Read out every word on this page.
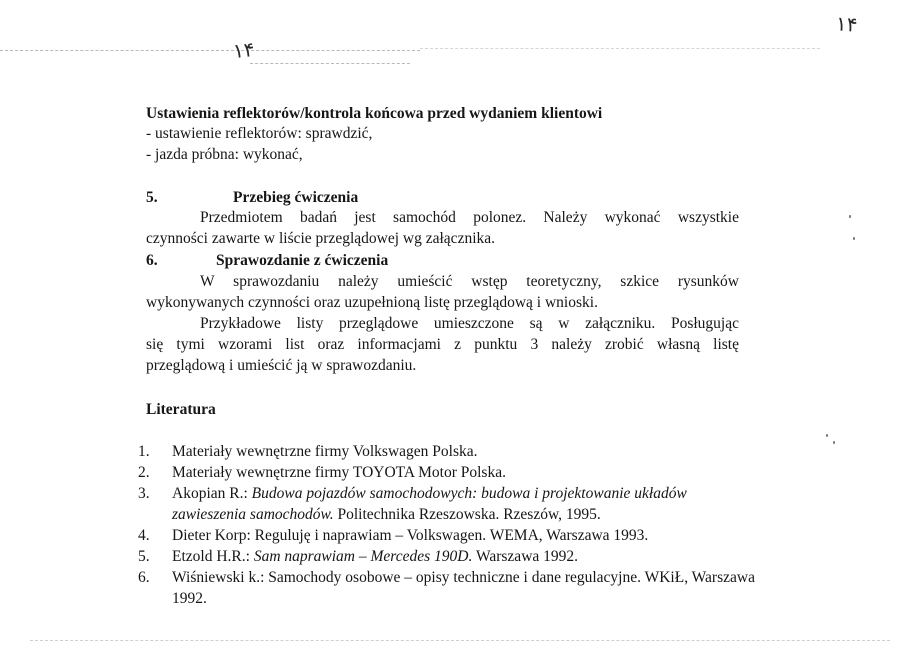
۱۴
۱۴
Ustawienia reflektorów/kontrola końcowa przed wydaniem klientowi
- ustawienie reflektorów: sprawdzić,
- jazda próbna: wykonać,
5.	Przebieg ćwiczenia
Przedmiotem badań jest samochód polonez. Należy wykonać wszystkie
czynności zawarte w liście przeglądowej wg załącznika.
6.	Sprawozdanie z ćwiczenia
W sprawozdaniu należy umieścić wstęp teoretyczny, szkice rysunków
wykonywanych czynności oraz uzupełnioną listę przeglądową i wnioski.
Przykładowe listy przeglądowe umieszczone są w załączniku. Posługując
się tymi wzorami list oraz informacjami z punktu 3 należy zrobić własną listę
przeglądową i umieścić ją w sprawozdaniu.
Literatura

1.	Materiały wewnętrzne firmy Volkswagen Polska.

2.	Materiały wewnętrzne firmy TOYOTA Motor Polska.

3.	Akopian R.: Budowa pojazdów samochodowych: budowa i projektowanie układów zawieszenia samochodów. Politechnika Rzeszowska. Rzeszów, 1995.

4.	Dieter Korp: Reguluję i naprawiam – Volkswagen. WEMA, Warszawa 1993.

5.	Etzold H.R.: Sam naprawiam – Mercedes 190D. Warszawa 1992.

6.	Wiśniewski k.: Samochody osobowe – opisy techniczne i dane regulacyjne. WKiŁ, Warszawa 1992.
